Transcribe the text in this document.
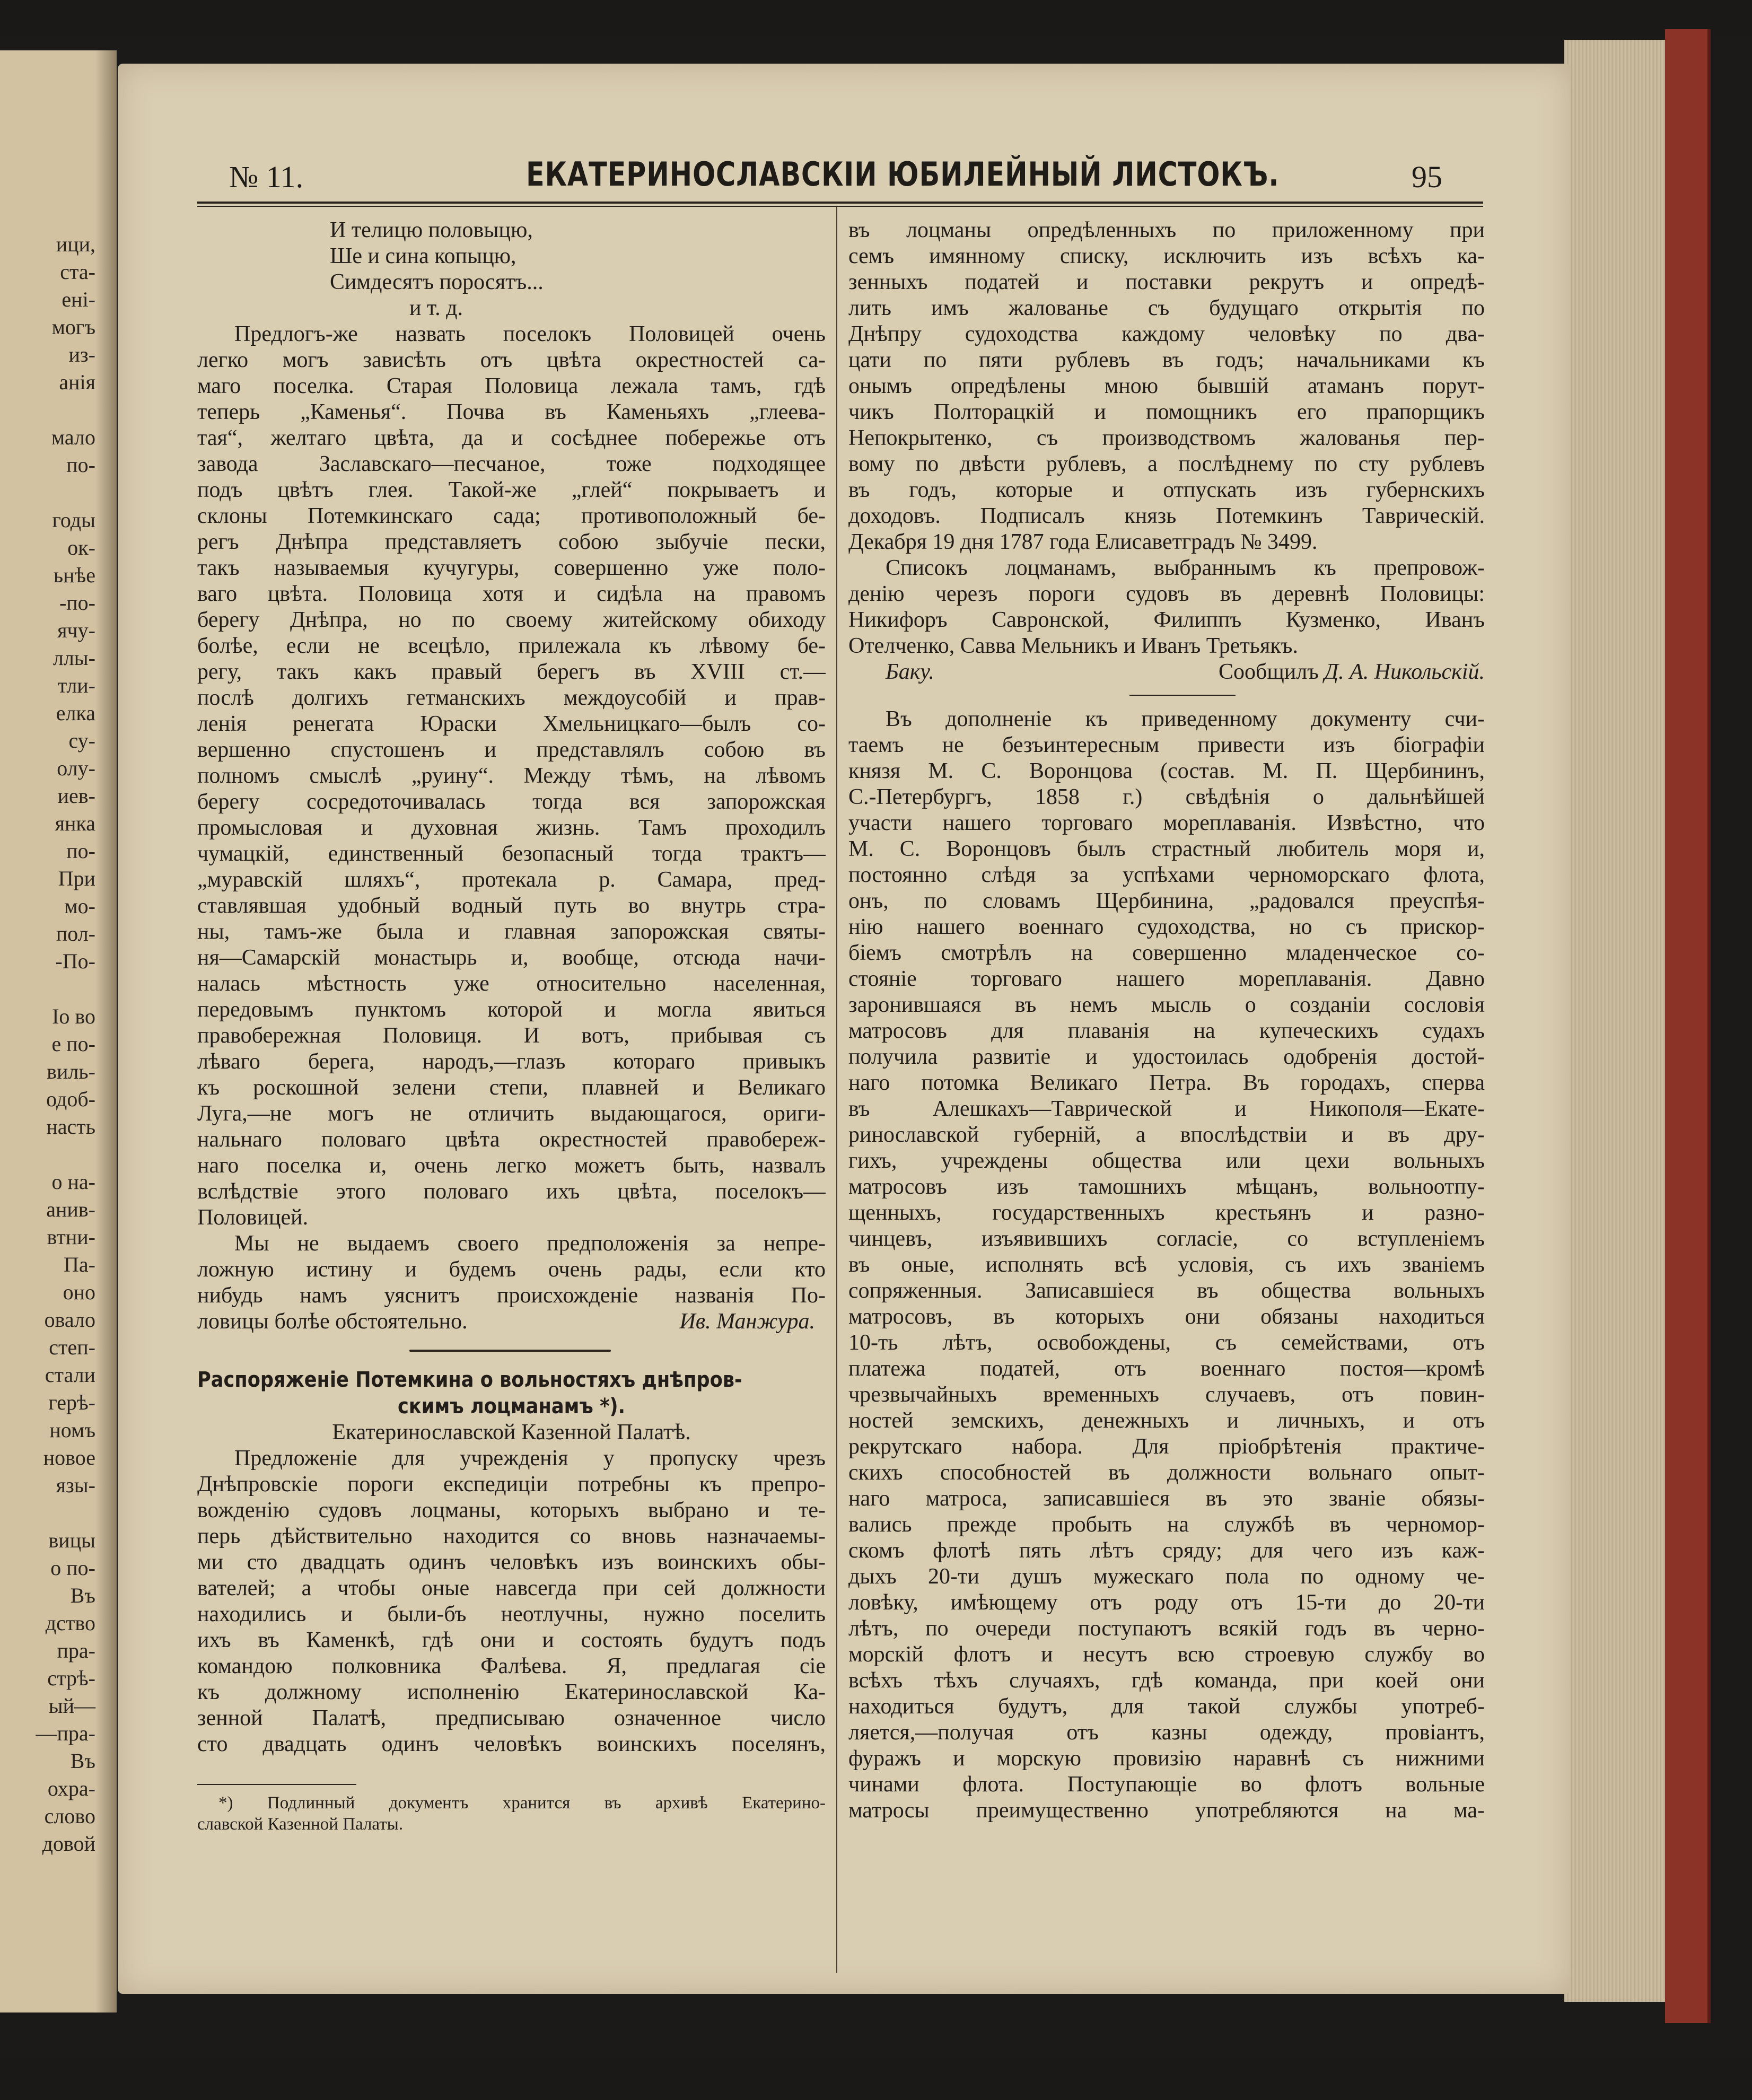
ици,
ста-
ені-
могъ
из-
анія
мало
по-
годы
ок-
ьнѣе
-по-
ячу-
ллы-
тли-
елка
су-
олу-
иев-
янка
по-
При
мо-
пол-
-По-
Io во
е по-
виль-
одоб-
насть
о на-
анив-
втни-
Па-
оно
овало
степ-
стали
герѣ-
номъ
новое
язы-
вицы
о по-
Въ
дство
пра-
стрѣ-
ый—
—пра-
Въ
охра-
слово
довой
№ 11.	ЕКАТЕРИНОСЛАВСКІИ ЮБИЛЕЙНЫЙ ЛИСТОКЪ.	95
И телицю половыцю,
Ше и сина копыцю,
Симдесятъ поросятъ...
и т. д.
Предлогъ-же назвать поселокъ Половицей очень
легко могъ зависѣть отъ цвѣта окрестностей са-
маго поселка. Старая Половица лежала тамъ, гдѣ
теперь „Каменья“. Почва въ Каменьяхъ „глеева-
тая“, желтаго цвѣта, да и сосѣднее побережье отъ
завода Заславскаго—песчаное, тоже подходящее
подъ цвѣтъ глея. Такой-же „глей“ покрываетъ и
склоны Потемкинскаго сада; противоположный бе-
регъ Днѣпра представляетъ собою зыбучіе пески,
такъ называемыя кучугуры, совершенно уже поло-
ваго цвѣта. Половица хотя и сидѣла на правомъ
берегу Днѣпра, но по своему житейскому обиходу
болѣе, если не всецѣло, прилежала къ лѣвому бе-
регу, такъ какъ правый берегъ въ XVIII ст.—
послѣ долгихъ гетманскихъ междоусобій и прав-
ленія ренегата Юраски Хмельницкаго—былъ со-
вершенно спустошенъ и представлялъ собою въ
полномъ смыслѣ „руину“. Между тѣмъ, на лѣвомъ
берегу сосредоточивалась тогда вся запорожская
промысловая и духовная жизнь. Тамъ проходилъ
чумацкій, единственный безопасный тогда трактъ—
„муравскій шляхъ“, протекала р. Самара, пред-
ставлявшая удобный водный путь во внутрь стра-
ны, тамъ-же была и главная запорожская святы-
ня—Самарскій монастырь и, вообще, отсюда начи-
налась мѣстность уже относительно населенная,
передовымъ пунктомъ которой и могла явиться
правобережная Половиця. И вотъ, прибывая съ
лѣваго берега, народъ,—глазъ котораго привыкъ
къ роскошной зелени степи, плавней и Великаго
Луга,—не могъ не отличить выдающагося, ориги-
нальнаго половаго цвѣта окрестностей правобереж-
наго поселка и, очень легко можетъ быть, назвалъ
вслѣдствіе этого половаго ихъ цвѣта, поселокъ—
Половицей.
Мы не выдаемъ своего предположенія за непре-
ложную истину и будемъ очень рады, если кто
нибудь намъ уяснитъ происхожденіе названія По-
ловицы болѣе обстоятельно.	Ив. Манжура.
Распоряженіе Потемкина о вольностяхъ днѣпров-
скимъ лоцманамъ *).
Екатеринославской Казенной Палатѣ.
Предложеніе для учрежденія у пропуску чрезъ
Днѣпровскіе пороги експедиціи потребны къ препро-
вожденію судовъ лоцманы, которыхъ выбрано и те-
перь дѣйствительно находится со вновь назначаемы-
ми сто двадцать одинъ человѣкъ изъ воинскихъ обы-
вателей; а чтобы оные навсегда при сей должности
находились и были-бъ неотлучны, нужно поселить
ихъ въ Каменкѣ, гдѣ они и состоять будутъ подъ
командою полковника Фалѣева. Я, предлагая сіе
къ должному исполненію Екатеринославской Ка-
зенной Палатѣ, предписываю означенное число
сто двадцать одинъ человѣкъ воинскихъ поселянъ,
*) Подлинный документъ хранится въ архивѣ Екатерино-
славской Казенной Палаты.
въ лоцманы опредѣленныхъ по приложенному при
семъ имянному списку, исключить изъ всѣхъ ка-
зенныхъ податей и поставки рекрутъ и опредѣ-
лить имъ жалованье съ будущаго открытія по
Днѣпру судоходства каждому человѣку по два-
цати по пяти рублевъ въ годъ; начальниками къ
онымъ опредѣлены мною бывшій атаманъ порут-
чикъ Полторацкій и помощникъ его прапорщикъ
Непокрытенко, съ производствомъ жалованья пер-
вому по двѣсти рублевъ, а послѣднему по сту рублевъ
въ годъ, которые и отпускать изъ губернскихъ
доходовъ. Подписалъ князь Потемкинъ Таврическій.
Декабря 19 дня 1787 года Елисаветградъ № 3499.
Списокъ лоцманамъ, выбраннымъ къ препровож-
денію черезъ пороги судовъ въ деревнѣ Половицы:
Никифоръ Савронской, Филиппъ Кузменко, Иванъ
Отелченко, Савва Мельникъ и Иванъ Третьякъ.
Баку.	Сообщилъ Д. А. Никольскій.
Въ дополненіе къ приведенному документу счи-
таемъ не безъинтересным привести изъ біографіи
князя М. С. Воронцова (состав. М. П. Щербининъ,
С.-Петербургъ, 1858 г.) свѣдѣнія о дальнѣйшей
участи нашего торговаго мореплаванія. Извѣстно, что
М. С. Воронцовъ былъ страстный любитель моря и,
постоянно слѣдя за успѣхами черноморскаго флота,
онъ, по словамъ Щербинина, „радовался преуспѣя-
нію нашего военнаго судоходства, но съ прискор-
біемъ смотрѣлъ на совершенно младенческое со-
стояніе торговаго нашего мореплаванія. Давно
заронившаяся въ немъ мысль о созданіи сословія
матросовъ для плаванія на купеческихъ судахъ
получила развитіе и удостоилась одобренія достой-
наго потомка Великаго Петра. Въ городахъ, сперва
въ Алешкахъ—Таврической и Никополя—Екате-
ринославской губерній, а впослѣдствіи и въ дру-
гихъ, учреждены общества или цехи вольныхъ
матросовъ изъ тамошнихъ мѣщанъ, вольноотпу-
щенныхъ, государственныхъ крестьянъ и разно-
чинцевъ, изъявившихъ согласіе, со вступленіемъ
въ оные, исполнять всѣ условія, съ ихъ званіемъ
сопряженныя. Записавшіеся въ общества вольныхъ
матросовъ, въ которыхъ они обязаны находиться
10-ть лѣтъ, освобождены, съ семействами, отъ
платежа податей, отъ военнаго постоя—кромѣ
чрезвычайныхъ временныхъ случаевъ, отъ повин-
ностей земскихъ, денежныхъ и личныхъ, и отъ
рекрутскаго набора. Для пріобрѣтенія практиче-
скихъ способностей въ должности вольнаго опыт-
наго матроса, записавшіеся въ это званіе обязы-
вались прежде пробыть на службѣ въ черномор-
скомъ флотѣ пять лѣтъ сряду; для чего изъ каж-
дыхъ 20-ти душъ мужескаго пола по одному че-
ловѣку, имѣющему отъ роду отъ 15-ти до 20-ти
лѣтъ, по очереди поступаютъ всякій годъ въ черно-
морскій флотъ и несутъ всю строевую службу во
всѣхъ тѣхъ случаяхъ, гдѣ команда, при коей они
находиться будутъ, для такой службы употреб-
ляется,—получая отъ казны одежду, провіантъ,
фуражъ и морскую провизію наравнѣ съ нижними
чинами флота. Поступающіе во флотъ вольные
матросы преимущественно употребляются на ма-
